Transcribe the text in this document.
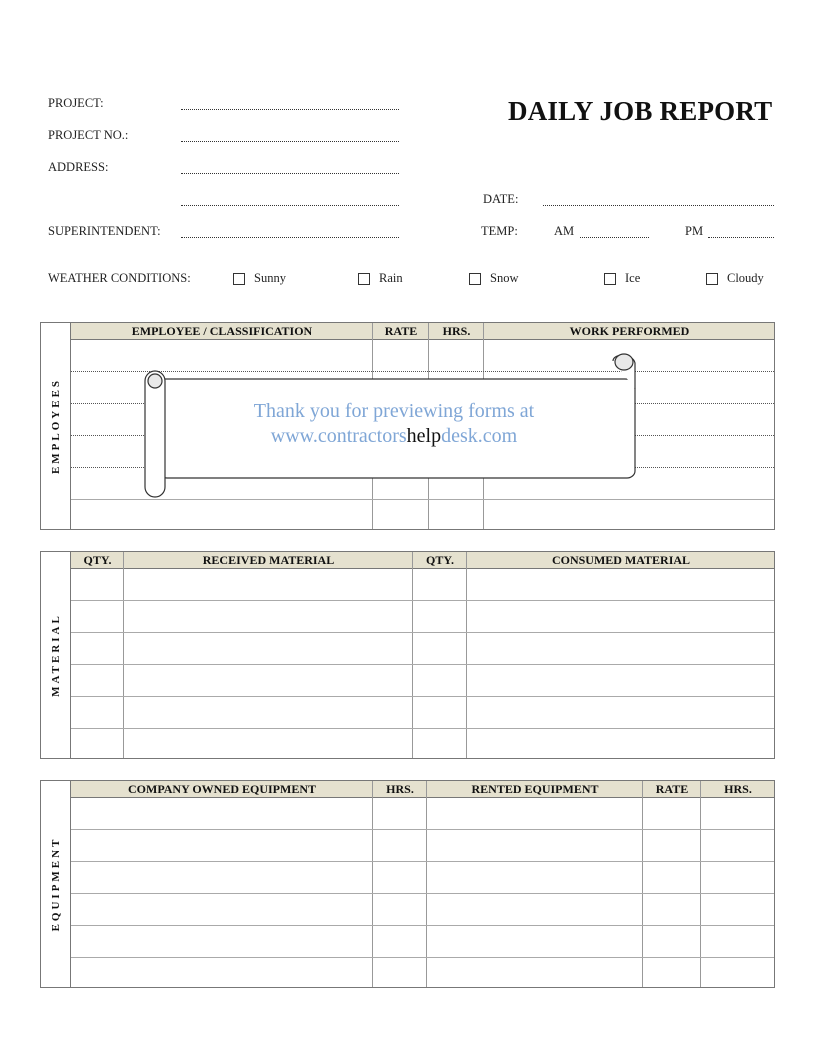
PROJECT:
PROJECT NO.:
ADDRESS:
SUPERINTENDENT:
DAILY JOB REPORT
DATE:
TEMP:	AM	PM
WEATHER CONDITIONS:	Sunny	Rain	Snow	Ice	Cloudy
EMPLOYEES
EMPLOYEE / CLASSIFICATION	RATE	HRS.	WORK PERFORMED
Thank you for previewing forms at
www.contractorshelpdesk.com
MATERIAL
QTY.	RECEIVED MATERIAL	QTY.	CONSUMED MATERIAL
EQUIPMENT
COMPANY OWNED EQUIPMENT	HRS.	RENTED EQUIPMENT	RATE	HRS.
